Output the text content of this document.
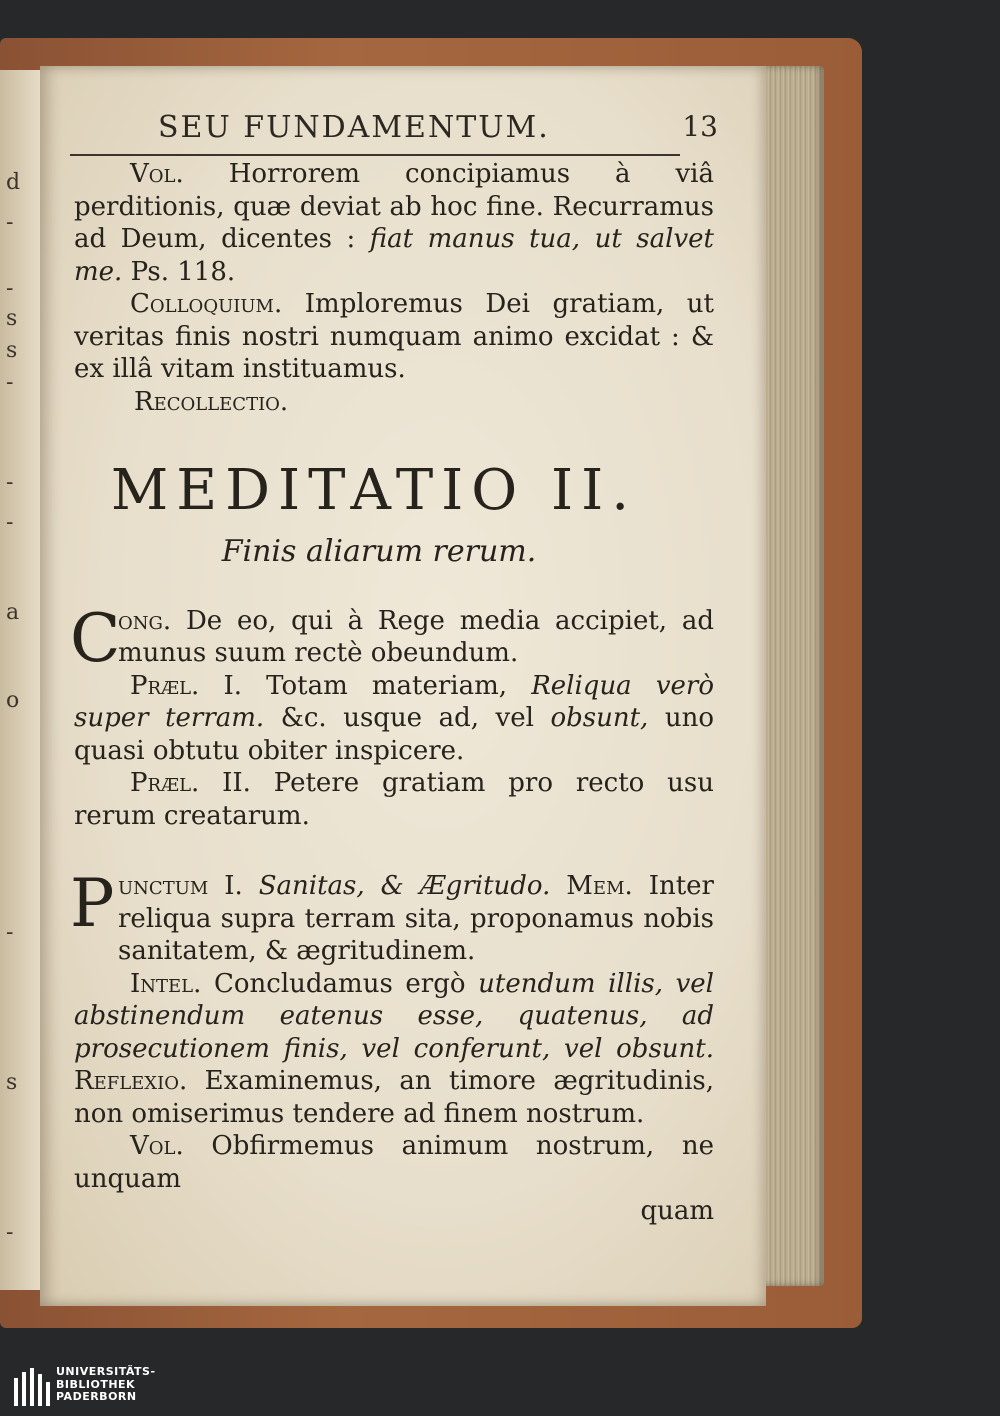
d
-
-
s
s
-
-
-
a
o
-
s
-
SEU FUNDAMENTUM.	13

Vol. Horrorem concipiamus à viâ perditionis, quæ deviat ab hoc fine. Recurramus ad Deum, dicentes : fiat manus tua, ut salvet me. Ps. 118.

Colloquium. Imploremus Dei gratiam, ut veritas finis nostri numquam animo excidat : & ex illâ vitam instituamus.

Recollectio.

MEDITATIO II.
Finis aliarum rerum.

C
ong. De eo, qui à Rege media accipiet, ad munus suum rectè obeundum.

Præl. I. Totam materiam, Reliqua verò super terram. &c. usque ad, vel obsunt, uno quasi obtutu obiter inspicere.

Præl. II. Petere gratiam pro recto usu rerum creatarum.

P unctum I. Sanitas, & Ægritudo. Mem. Inter reliqua supra terram sita, proponamus nobis sanitatem, & ægritudinem.

Intel. Concludamus ergò utendum illis, vel abstinendum eatenus esse, quatenus, ad prosecutionem finis, vel conferunt, vel obsunt. Reflexio. Examinemus, an timore ægritudinis, non omiserimus tendere ad finem nostrum.

Vol. Obfirmemus animum nostrum, ne unquam

quam

UNIVERSITÄTS-
BIBLIOTHEK
PADERBORN
